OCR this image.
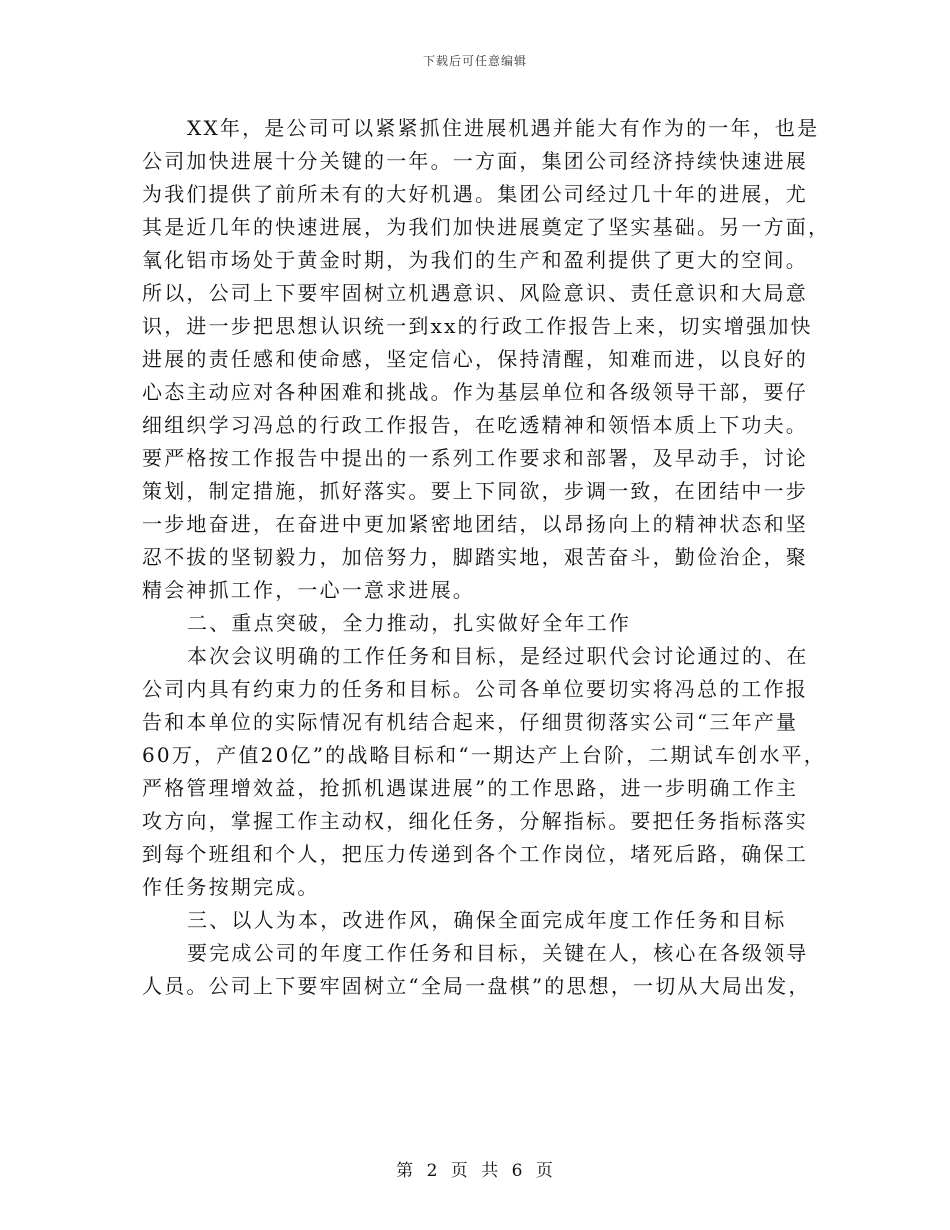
下载后可任意编辑
XX年，是公司可以紧紧抓住进展机遇并能大有作为的一年，也是
公司加快进展十分关键的一年。一方面，集团公司经济持续快速进展
为我们提供了前所未有的大好机遇。集团公司经过几十年的进展，尤
其是近几年的快速进展，为我们加快进展奠定了坚实基础。另一方面，
氧化铝市场处于黄金时期，为我们的生产和盈利提供了更大的空间。
所以，公司上下要牢固树立机遇意识、风险意识、责任意识和大局意
识，进一步把思想认识统一到xx的行政工作报告上来，切实增强加快
进展的责任感和使命感，坚定信心，保持清醒，知难而进，以良好的
心态主动应对各种困难和挑战。作为基层单位和各级领导干部，要仔
细组织学习冯总的行政工作报告，在吃透精神和领悟本质上下功夫。
要严格按工作报告中提出的一系列工作要求和部署，及早动手，讨论
策划，制定措施，抓好落实。要上下同欲，步调一致，在团结中一步
一步地奋进，在奋进中更加紧密地团结，以昂扬向上的精神状态和坚
忍不拔的坚韧毅力，加倍努力，脚踏实地，艰苦奋斗，勤俭治企，聚
精会神抓工作，一心一意求进展。
二、重点突破，全力推动，扎实做好全年工作
本次会议明确的工作任务和目标，是经过职代会讨论通过的、在
公司内具有约束力的任务和目标。公司各单位要切实将冯总的工作报
告和本单位的实际情况有机结合起来，仔细贯彻落实公司“三年产量
60万，产值20亿”的战略目标和“一期达产上台阶，二期试车创水平，
严格管理增效益，抢抓机遇谋进展”的工作思路，进一步明确工作主
攻方向，掌握工作主动权，细化任务，分解指标。要把任务指标落实
到每个班组和个人，把压力传递到各个工作岗位，堵死后路，确保工
作任务按期完成。
三、以人为本，改进作风，确保全面完成年度工作任务和目标
要完成公司的年度工作任务和目标，关键在人，核心在各级领导
人员。公司上下要牢固树立“全局一盘棋”的思想，一切从大局出发，
第 2 页 共 6 页
